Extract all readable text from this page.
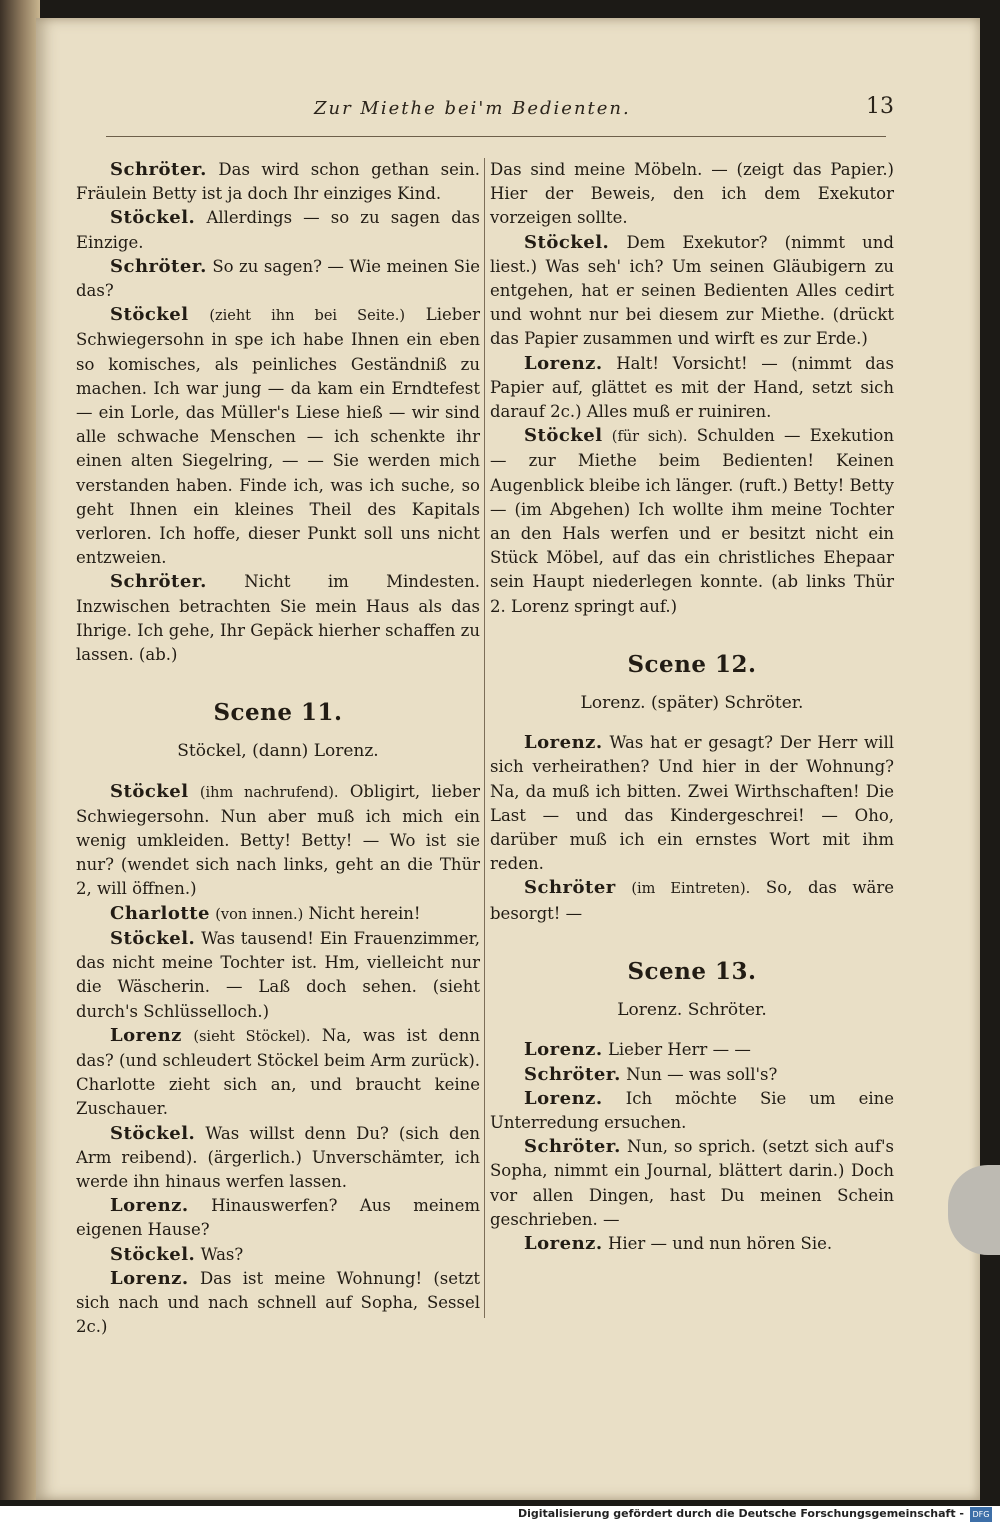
Zur Miethe bei'm Bedienten.	13

Schröter. Das wird schon gethan sein. Fräulein Betty ist ja doch Ihr einziges Kind.

Stöckel. Allerdings — so zu sagen das Einzige.

Schröter. So zu sagen? — Wie meinen Sie das?

Stöckel (zieht ihn bei Seite.) Lieber Schwiegersohn in spe ich habe Ihnen ein eben so komisches, als peinliches Geständniß zu machen. Ich war jung — da kam ein Erndtefest — ein Lorle, das Müller's Liese hieß — wir sind alle schwache Menschen — ich schenkte ihr einen alten Siegelring, — — Sie werden mich verstanden haben. Finde ich, was ich suche, so geht Ihnen ein kleines Theil des Kapitals verloren. Ich hoffe, dieser Punkt soll uns nicht entzweien.

Schröter. Nicht im Mindesten. Inzwischen betrachten Sie mein Haus als das Ihrige. Ich gehe, Ihr Gepäck hierher schaffen zu lassen. (ab.)

Scene 11.
Stöckel, (dann) Lorenz.

Stöckel (ihm nachrufend). Obligirt, lieber Schwiegersohn. Nun aber muß ich mich ein wenig umkleiden. Betty! Betty! — Wo ist sie nur? (wendet sich nach links, geht an die Thür 2, will öffnen.)

Charlotte (von innen.) Nicht herein!

Stöckel. Was tausend! Ein Frauenzimmer, das nicht meine Tochter ist. Hm, vielleicht nur die Wäscherin. — Laß doch sehen. (sieht durch's Schlüsselloch.)

Lorenz (sieht Stöckel). Na, was ist denn das? (und schleudert Stöckel beim Arm zurück). Charlotte zieht sich an, und braucht keine Zuschauer.

Stöckel. Was willst denn Du? (sich den Arm reibend). (ärgerlich.) Unverschämter, ich werde ihn hinaus werfen lassen.

Lorenz. Hinauswerfen? Aus meinem eigenen Hause?

Stöckel. Was?

Lorenz. Das ist meine Wohnung! (setzt sich nach und nach schnell auf Sopha, Sessel 2c.)

Das sind meine Möbeln. — (zeigt das Papier.) Hier der Beweis, den ich dem Exekutor vorzeigen sollte.

Stöckel. Dem Exekutor? (nimmt und liest.) Was seh' ich? Um seinen Gläubigern zu entgehen, hat er seinen Bedienten Alles cedirt und wohnt nur bei diesem zur Miethe. (drückt das Papier zusammen und wirft es zur Erde.)

Lorenz. Halt! Vorsicht! — (nimmt das Papier auf, glättet es mit der Hand, setzt sich darauf 2c.) Alles muß er ruiniren.

Stöckel (für sich). Schulden — Exekution — zur Miethe beim Bedienten! Keinen Augenblick bleibe ich länger. (ruft.) Betty! Betty — (im Abgehen) Ich wollte ihm meine Tochter an den Hals werfen und er besitzt nicht ein Stück Möbel, auf das ein christliches Ehepaar sein Haupt niederlegen konnte. (ab links Thür 2. Lorenz springt auf.)

Scene 12.
Lorenz. (später) Schröter.

Lorenz. Was hat er gesagt? Der Herr will sich verheirathen? Und hier in der Wohnung? Na, da muß ich bitten. Zwei Wirthschaften! Die Last — und das Kindergeschrei! — Oho, darüber muß ich ein ernstes Wort mit ihm reden.

Schröter (im Eintreten). So, das wäre besorgt! —

Scene 13.
Lorenz. Schröter.

Lorenz. Lieber Herr — —

Schröter. Nun — was soll's?

Lorenz. Ich möchte Sie um eine Unterredung ersuchen.

Schröter. Nun, so sprich. (setzt sich auf's Sopha, nimmt ein Journal, blättert darin.) Doch vor allen Dingen, hast Du meinen Schein geschrieben. —

Lorenz. Hier — und nun hören Sie.

Digitalisierung gefördert durch die Deutsche Forschungsgemeinschaft -	DFG
